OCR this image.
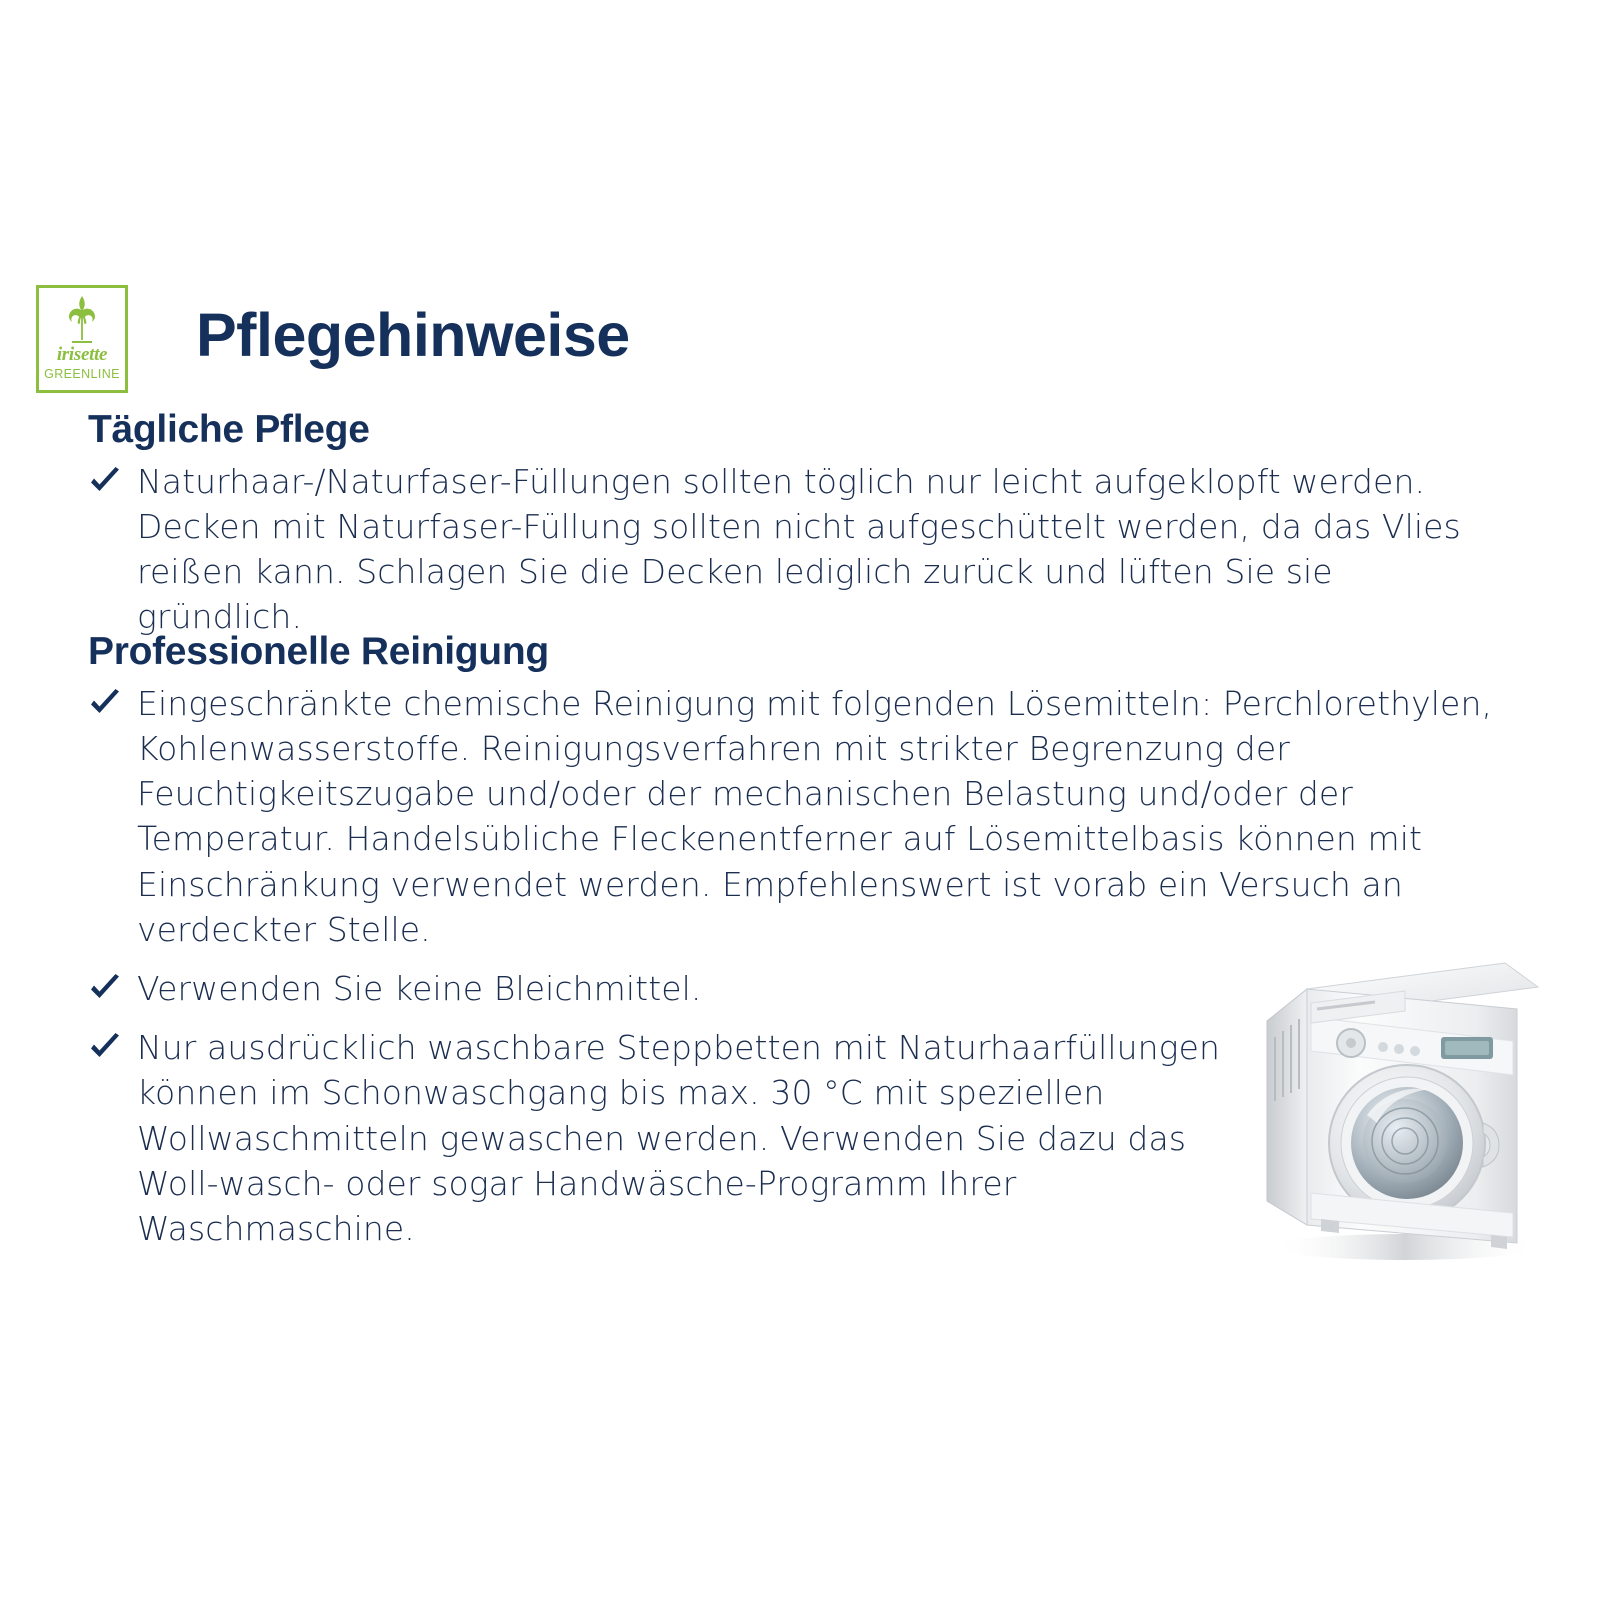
irisette
GREENLINE
Pflegehinweise
Tägliche Pflege
Naturhaar-/Naturfaser-Füllungen sollten töglich nur leicht aufgeklopft werden. Decken mit Naturfaser-Füllung sollten nicht aufgeschüttelt werden, da das Vlies reißen kann. Schlagen Sie die Decken lediglich zurück und lüften Sie sie gründlich.
Professionelle Reinigung
Eingeschränkte chemische Reinigung mit folgenden Lösemitteln: Perchlorethylen, Kohlenwasserstoffe. Reinigungsverfahren mit strikter Begrenzung der Feuchtigkeitszugabe und/oder der mechanischen Belastung und/oder der Temperatur. Handelsübliche Fleckenentferner auf Lösemittelbasis können mit Einschränkung verwendet werden. Empfehlenswert ist vorab ein Versuch an verdeckter Stelle.
Verwenden Sie keine Bleichmittel.
Nur ausdrücklich waschbare Steppbetten mit Naturhaarfüllungen können im Schonwaschgang bis max. 30 °C mit speziellen Wollwaschmitteln gewaschen werden. Verwenden Sie dazu das Woll-wasch- oder sogar Handwäsche-Programm Ihrer Waschmaschine.
